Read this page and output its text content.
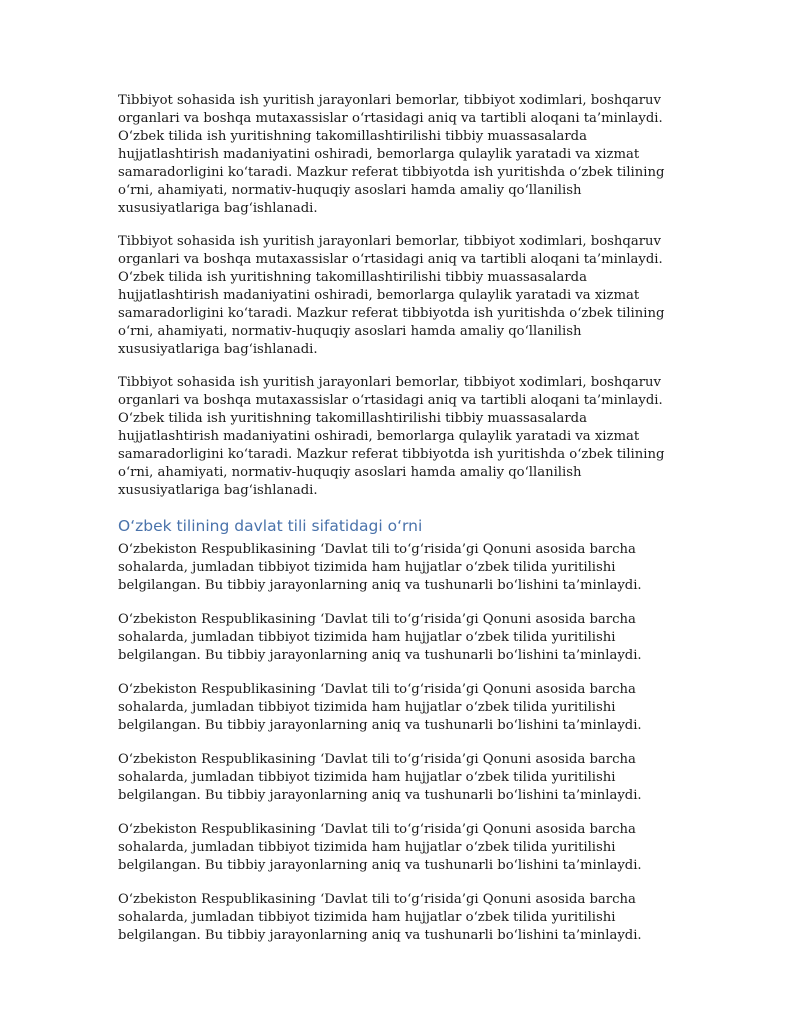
Tibbiyot sohasida ish yuritish jarayonlari bemorlar, tibbiyot xodimlari, boshqaruv organlari va boshqa mutaxassislar o‘rtasidagi aniq va tartibli aloqani ta’minlaydi. O‘zbek tilida ish yuritishning takomillashtirilishi tibbiy muassasalarda hujjatlashtirish madaniyatini oshiradi, bemorlarga qulaylik yaratadi va xizmat samaradorligini ko‘taradi. Mazkur referat tibbiyotda ish yuritishda o‘zbek tilining o‘rni, ahamiyati, normativ-huquqiy asoslari hamda amaliy qo‘llanilish xususiyatlariga bag‘ishlanadi.

Tibbiyot sohasida ish yuritish jarayonlari bemorlar, tibbiyot xodimlari, boshqaruv organlari va boshqa mutaxassislar o‘rtasidagi aniq va tartibli aloqani ta’minlaydi. O‘zbek tilida ish yuritishning takomillashtirilishi tibbiy muassasalarda hujjatlashtirish madaniyatini oshiradi, bemorlarga qulaylik yaratadi va xizmat samaradorligini ko‘taradi. Mazkur referat tibbiyotda ish yuritishda o‘zbek tilining o‘rni, ahamiyati, normativ-huquqiy asoslari hamda amaliy qo‘llanilish xususiyatlariga bag‘ishlanadi.

Tibbiyot sohasida ish yuritish jarayonlari bemorlar, tibbiyot xodimlari, boshqaruv organlari va boshqa mutaxassislar o‘rtasidagi aniq va tartibli aloqani ta’minlaydi. O‘zbek tilida ish yuritishning takomillashtirilishi tibbiy muassasalarda hujjatlashtirish madaniyatini oshiradi, bemorlarga qulaylik yaratadi va xizmat samaradorligini ko‘taradi. Mazkur referat tibbiyotda ish yuritishda o‘zbek tilining o‘rni, ahamiyati, normativ-huquqiy asoslari hamda amaliy qo‘llanilish xususiyatlariga bag‘ishlanadi.

O‘zbek tilining davlat tili sifatidagi o‘rni

O‘zbekiston Respublikasining ‘Davlat tili to‘g‘risida’gi Qonuni asosida barcha sohalarda, jumladan tibbiyot tizimida ham hujjatlar o‘zbek tilida yuritilishi belgilangan. Bu tibbiy jarayonlarning aniq va tushunarli bo‘lishini ta’minlaydi.

O‘zbekiston Respublikasining ‘Davlat tili to‘g‘risida’gi Qonuni asosida barcha sohalarda, jumladan tibbiyot tizimida ham hujjatlar o‘zbek tilida yuritilishi belgilangan. Bu tibbiy jarayonlarning aniq va tushunarli bo‘lishini ta’minlaydi.

O‘zbekiston Respublikasining ‘Davlat tili to‘g‘risida’gi Qonuni asosida barcha sohalarda, jumladan tibbiyot tizimida ham hujjatlar o‘zbek tilida yuritilishi belgilangan. Bu tibbiy jarayonlarning aniq va tushunarli bo‘lishini ta’minlaydi.

O‘zbekiston Respublikasining ‘Davlat tili to‘g‘risida’gi Qonuni asosida barcha sohalarda, jumladan tibbiyot tizimida ham hujjatlar o‘zbek tilida yuritilishi belgilangan. Bu tibbiy jarayonlarning aniq va tushunarli bo‘lishini ta’minlaydi.

O‘zbekiston Respublikasining ‘Davlat tili to‘g‘risida’gi Qonuni asosida barcha sohalarda, jumladan tibbiyot tizimida ham hujjatlar o‘zbek tilida yuritilishi belgilangan. Bu tibbiy jarayonlarning aniq va tushunarli bo‘lishini ta’minlaydi.

O‘zbekiston Respublikasining ‘Davlat tili to‘g‘risida’gi Qonuni asosida barcha sohalarda, jumladan tibbiyot tizimida ham hujjatlar o‘zbek tilida yuritilishi belgilangan. Bu tibbiy jarayonlarning aniq va tushunarli bo‘lishini ta’minlaydi.
